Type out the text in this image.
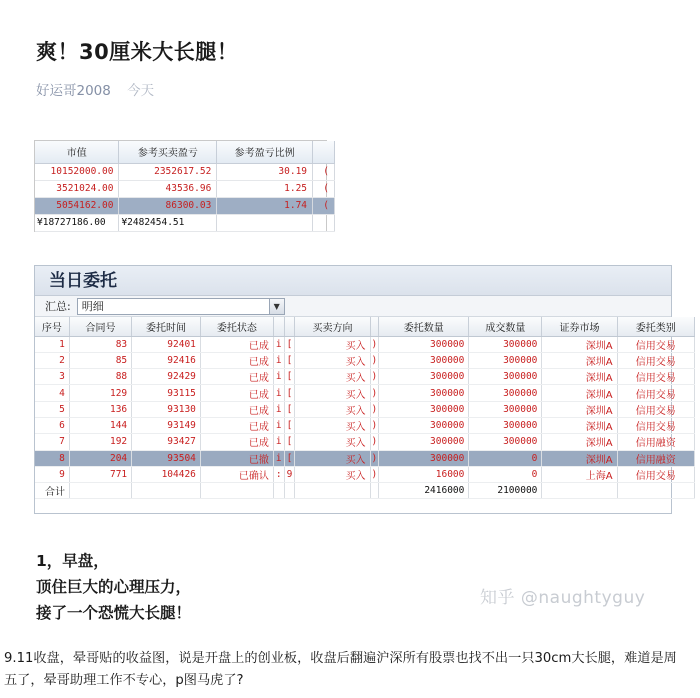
爽！30厘米大长腿！
好运哥2008 今天
市值	参考买卖盈亏	参考盈亏比例	
10152000.00	2352617.52	30.19	(
3521024.00	43536.96	1.25	(
5054162.00	86300.03	1.74	(
¥18727186.00	¥2482454.51		
当日委托
汇总:	明细	▼
序号	合同号	委托时间	委托状态			买卖方向		委托数量	成交数量	证券市场	委托类别
1	83	92401	已成	i	[	买入	)	300000	300000	深圳A	信用交易
2	85	92416	已成	i	[	买入	)	300000	300000	深圳A	信用交易
3	88	92429	已成	i	[	买入	)	300000	300000	深圳A	信用交易
4	129	93115	已成	i	[	买入	)	300000	300000	深圳A	信用交易
5	136	93130	已成	i	[	买入	)	300000	300000	深圳A	信用交易
6	144	93149	已成	i	[	买入	)	300000	300000	深圳A	信用交易
7	192	93427	已成	i	[	买入	)	300000	300000	深圳A	信用融资
8	204	93504	已撤	i	[	买入	)	300000	0	深圳A	信用融资
9	771	104426	已确认	:	9	买入	)	16000	0	上海A	信用交易
合计								2416000	2100000		
1，早盘，
顶住巨大的心理压力，
接了一个恐慌大长腿！
知乎 @naughtyguy
9.11收盘，晕哥贴的收益图，说是开盘上的创业板，收盘后翻遍沪深所有股票也找不出一只30cm大长腿，难道是周五了，晕哥助理工作不专心，p图马虎了?
